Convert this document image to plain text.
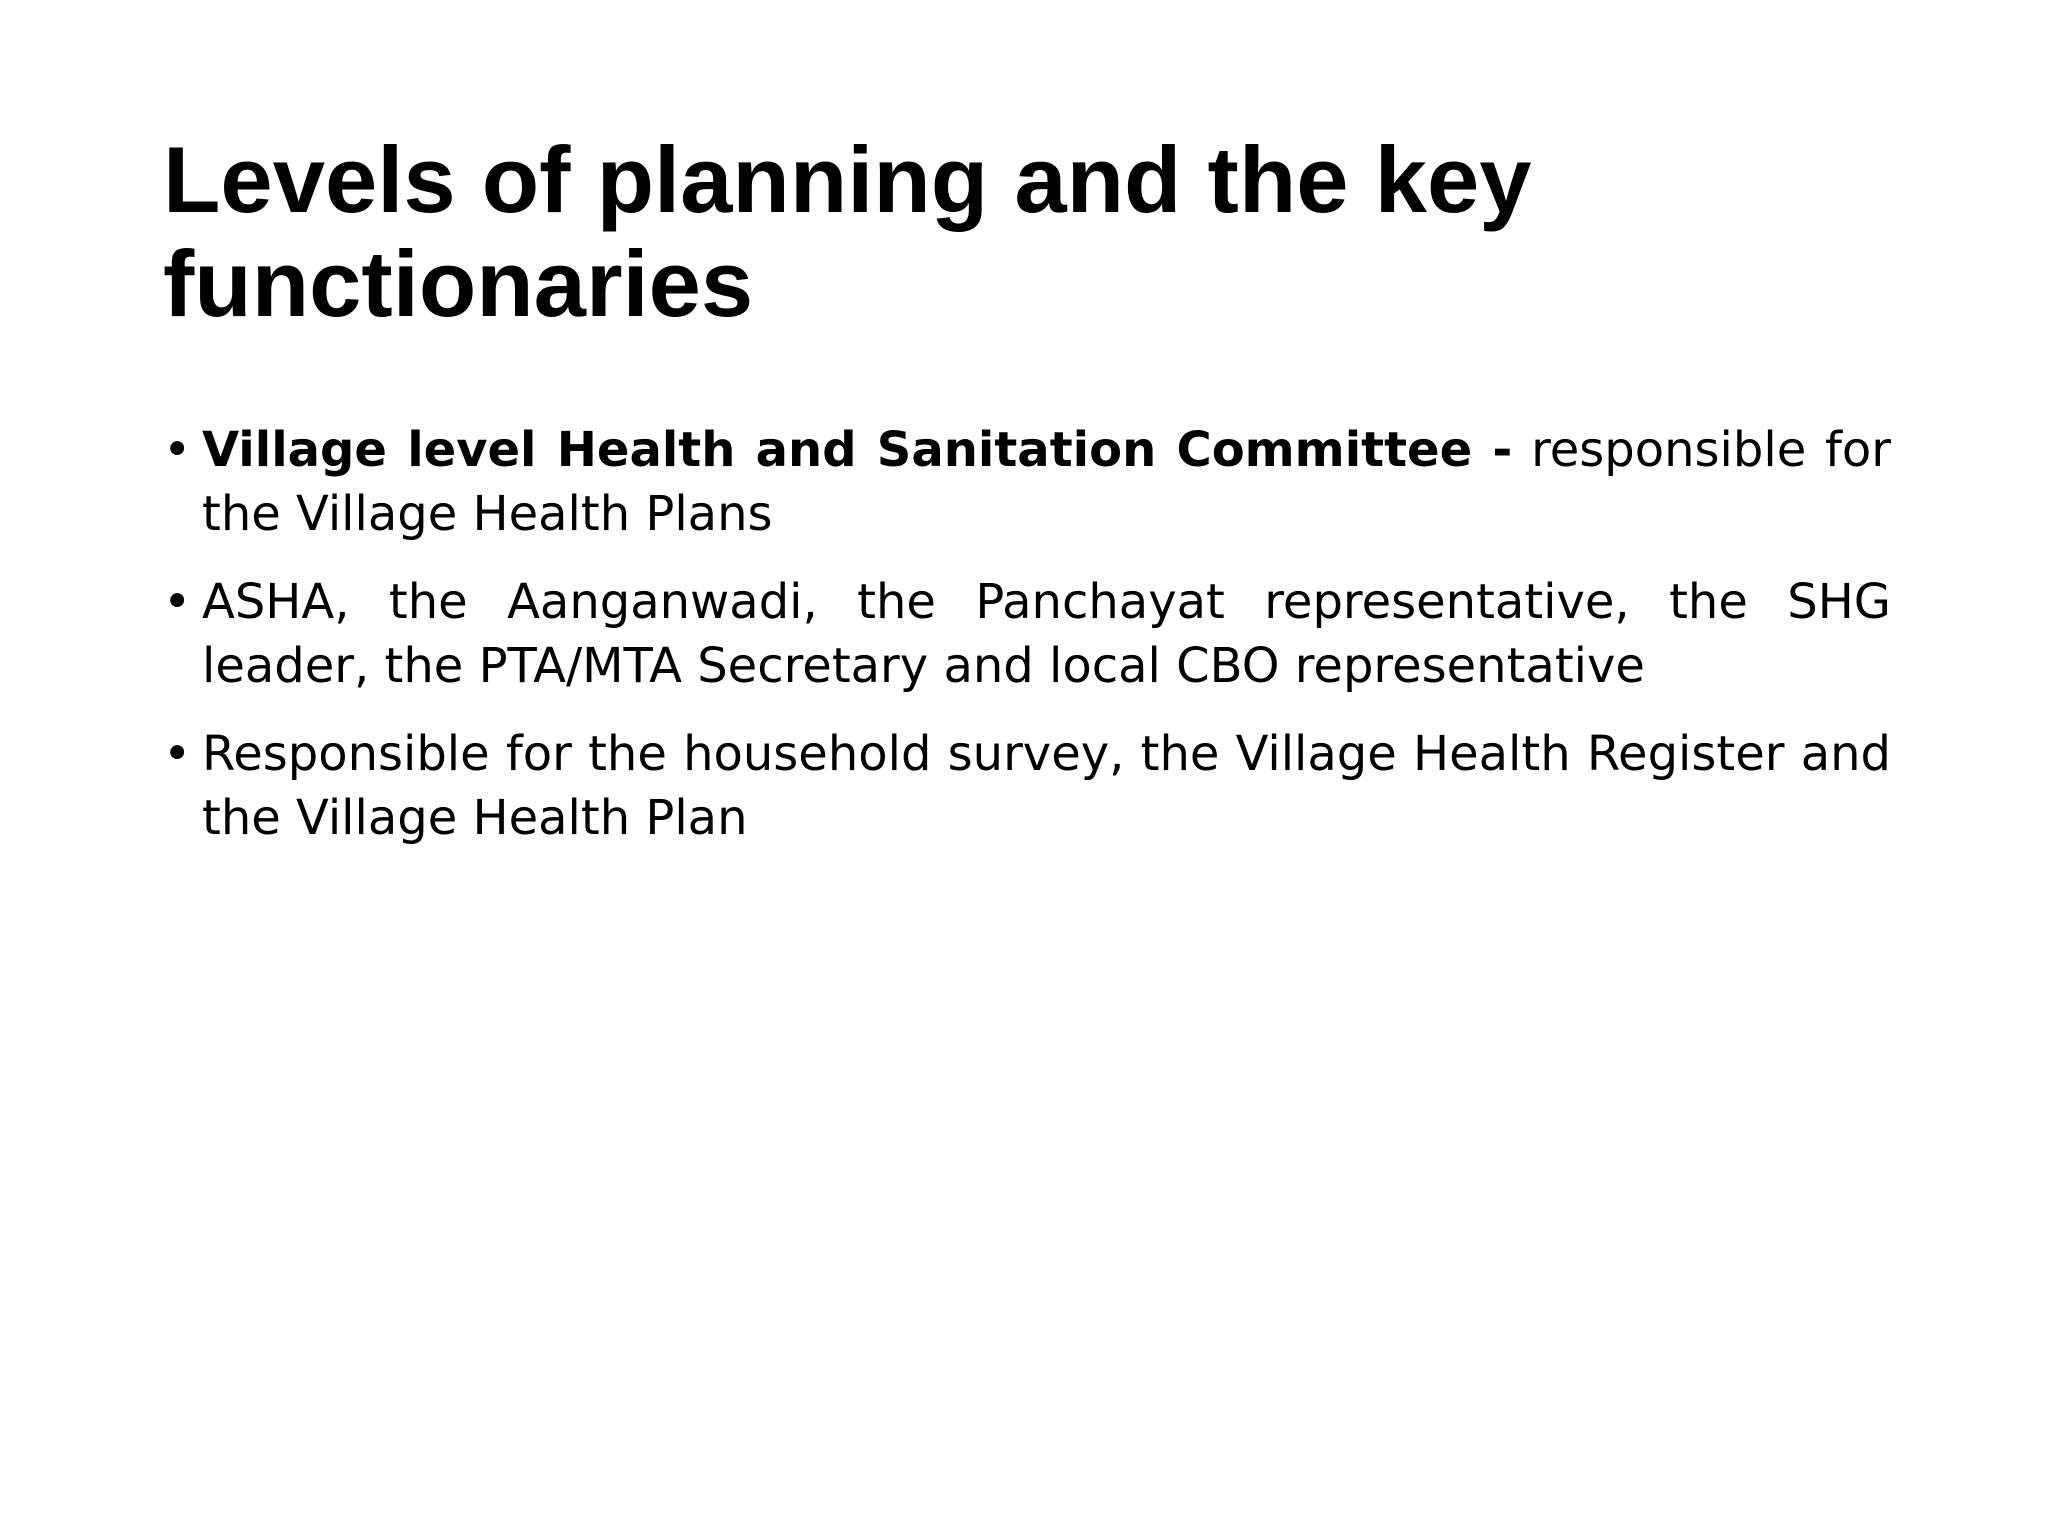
Levels of planning and the key functionaries
• Village level Health and Sanitation Committee - responsible for the Village Health Plans
• ASHA, the Aanganwadi, the Panchayat representative, the SHG leader, the PTA/MTA Secretary and local CBO representative
• Responsible for the household survey, the Village Health Register and the Village Health Plan
